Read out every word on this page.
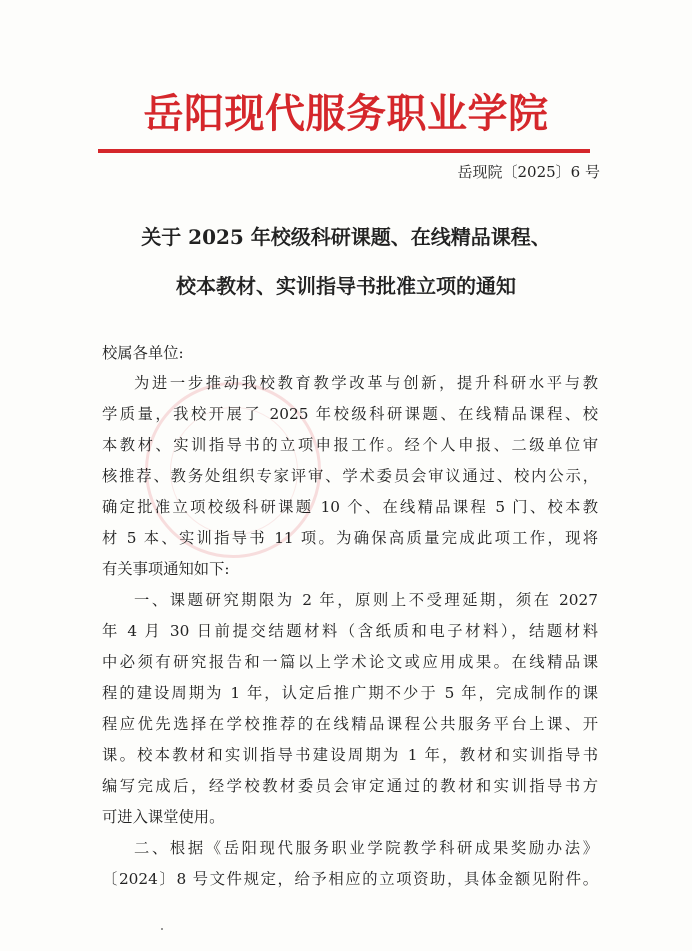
岳阳现代服务职业学院
岳现院〔2025〕6 号
关于 2025 年校级科研课题、在线精品课程、
校本教材、实训指导书批准立项的通知
校属各单位:
为进一步推动我校教育教学改革与创新，提升科研水平与教
学质量，我校开展了 2025 年校级科研课题、在线精品课程、校
本教材、实训指导书的立项申报工作。经个人申报、二级单位审
核推荐、教务处组织专家评审、学术委员会审议通过、校内公示，
确定批准立项校级科研课题 10 个、在线精品课程 5 门、校本教
材 5 本、实训指导书 11 项。为确保高质量完成此项工作，现将
有关事项通知如下:
一、课题研究期限为 2 年，原则上不受理延期，须在 2027
年 4 月 30 日前提交结题材料（含纸质和电子材料），结题材料
中必须有研究报告和一篇以上学术论文或应用成果。在线精品课
程的建设周期为 1 年，认定后推广期不少于 5 年，完成制作的课
程应优先选择在学校推荐的在线精品课程公共服务平台上课、开
课。校本教材和实训指导书建设周期为 1 年，教材和实训指导书
编写完成后，经学校教材委员会审定通过的教材和实训指导书方
可进入课堂使用。
二、根据《岳阳现代服务职业学院教学科研成果奖励办法》
〔2024〕8 号文件规定，给予相应的立项资助，具体金额见附件。
